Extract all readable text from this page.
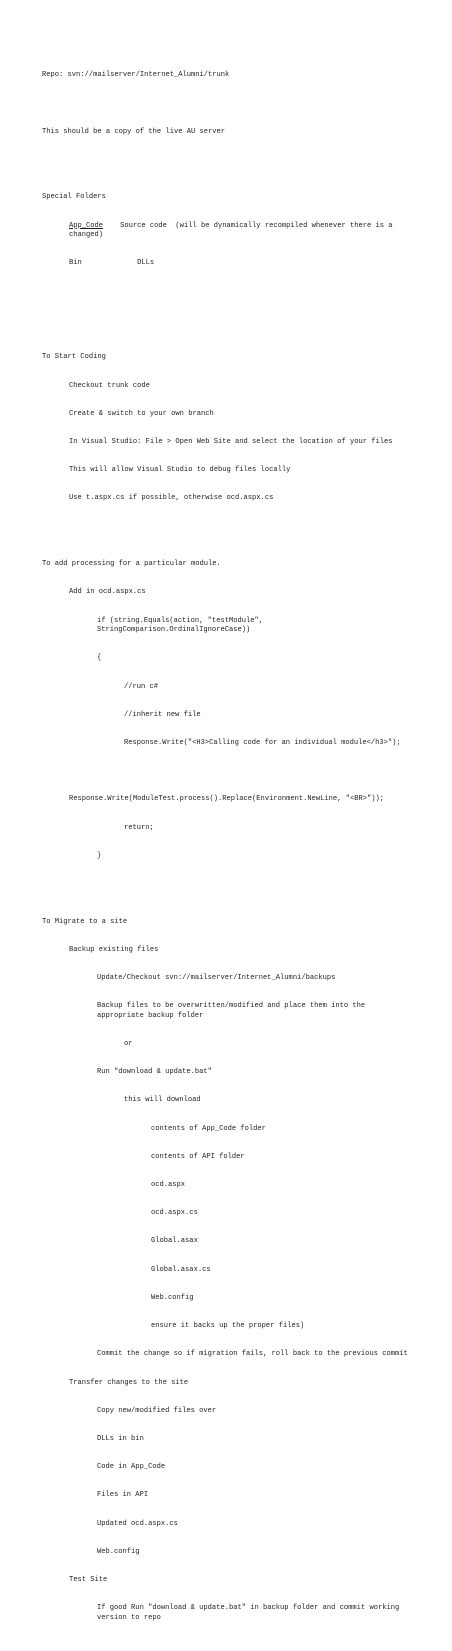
Repo: svn://mailserver/Internet_Alumni/trunk

This should be a copy of the live AU server

Special Folders

App_Code    Source code  (will be dynamically recompiled whenever there is a changed)

Bin             DLLs

To Start Coding

Checkout trunk code

Create & switch to your own branch

In Visual Studio: File > Open Web Site and select the location of your files

This will allow Visual Studio to debug files locally

Use t.aspx.cs if possible, otherwise ocd.aspx.cs

To add processing for a particular module.

Add in ocd.aspx.cs

if (string.Equals(action, "testModule", StringComparison.OrdinalIgnoreCase))

{

//run c#

//inherit new file

Response.Write("<H3>Calling code for an individual module</h3>");

Response.Write(ModuleTest.process().Replace(Environment.NewLine, "<BR>"));

return;

}

To Migrate to a site

Backup existing files

Update/Checkout svn://mailserver/Internet_Alumni/backups

Backup files to be overwritten/modified and place them into the appropriate backup folder

or

Run "download & update.bat"

this will download

contents of App_Code folder

contents of API folder

ocd.aspx

ocd.aspx.cs

Global.asax

Global.asax.cs

Web.config

ensure it backs up the proper files)

Commit the change so if migration fails, roll back to the previous commit

Transfer changes to the site

Copy new/modified files over

DLLs in bin

Code in App_Code

Files in API

Updated ocd.aspx.cs

Web.config

Test Site

If good Run "download & update.bat" in backup folder and commit working version to repo
